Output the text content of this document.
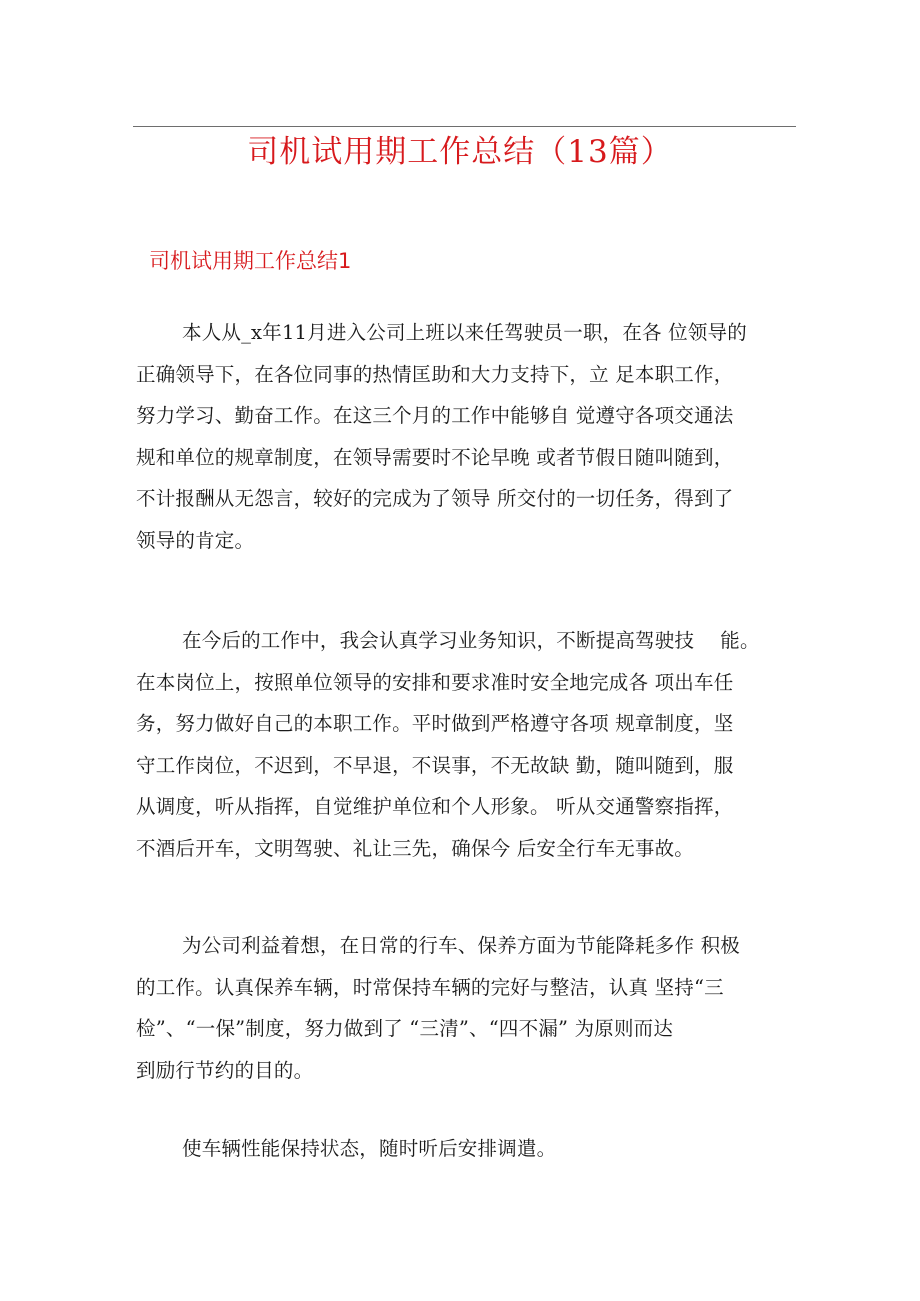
司机试用期工作总结（13篇）
司机试用期工作总结1

本人从_x年11月进入公司上班以来任驾驶员一职，在各 位领导的
正确领导下，在各位同事的热情匡助和大力支持下，立 足本职工作，
努力学习、勤奋工作。在这三个月的工作中能够自 觉遵守各项交通法
规和单位的规章制度，在领导需要时不论早晚 或者节假日随叫随到，
不计报酬从无怨言，较好的完成为了领导 所交付的一切任务，得到了
领导的肯定。

在今后的工作中，我会认真学习业务知识，不断提高驾驶技　 能。
在本岗位上，按照单位领导的安排和要求准时安全地完成各 项出车任
务，努力做好自己的本职工作。平时做到严格遵守各项 规章制度，坚
守工作岗位，不迟到，不早退，不误事，不无故缺 勤，随叫随到，服
从调度，听从指挥，自觉维护单位和个人形象。 听从交通警察指挥，
不酒后开车，文明驾驶、礼让三先，确保今 后安全行车无事故。

为公司利益着想，在日常的行车、保养方面为节能降耗多作 积极
的工作。认真保养车辆，时常保持车辆的完好与整洁，认真 坚持“三
检”、“一保”制度，努力做到了 “三清”、“四不漏” 为原则而达
到励行节约的目的。

使车辆性能保持状态，随时听后安排调遣。
